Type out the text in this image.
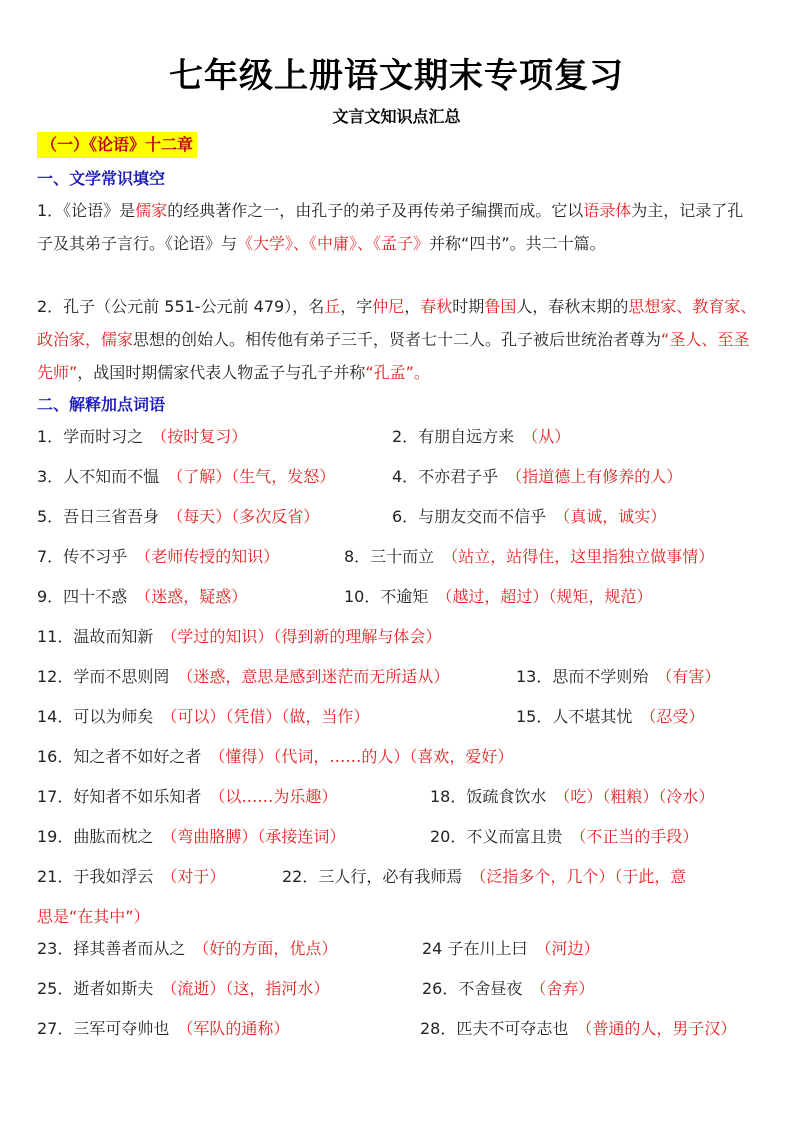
七年级上册语文期末专项复习
文言文知识点汇总
（一）《论语》十二章
一、文学常识填空
1．《论语》是儒家的经典著作之一，由孔子的弟子及再传弟子编撰而成。它以语录体为主，记录了孔子及其弟子言行。《论语》与《大学》、《中庸》、《孟子》并称“四书”。共二十篇。
2．孔子（公元前 551-公元前 479），名丘，字仲尼，春秋时期鲁国人，春秋末期的思想家、教育家、政治家，儒家思想的创始人。相传他有弟子三千，贤者七十二人。孔子被后世统治者尊为“圣人、至圣先师”，战国时期儒家代表人物孟子与孔子并称“孔孟”。
二、解释加点词语
1．学而时习之 （按时复习）	2．有朋自远方来 （从）
3．人不知而不愠 （了解）（生气，发怒）	4．不亦君子乎 （指道德上有修养的人）
5．吾日三省吾身 （每天）（多次反省）	6．与朋友交而不信乎 （真诚，诚实）
7．传不习乎 （老师传授的知识）	8．三十而立 （站立，站得住，这里指独立做事情）
9．四十不惑 （迷惑，疑惑）	10．不逾矩 （越过，超过）（规矩，规范）
11．温故而知新 （学过的知识）（得到新的理解与体会）
12．学而不思则罔 （迷惑，意思是感到迷茫而无所适从）	13．思而不学则殆 （有害）
14．可以为师矣 （可以）（凭借）（做，当作）	15．人不堪其忧 （忍受）
16．知之者不如好之者 （懂得）（代词，……的人）（喜欢，爱好）
17．好知者不如乐知者 （以……为乐趣）	18．饭疏食饮水 （吃）（粗粮）（冷水）
19．曲肱而枕之 （弯曲胳膊）（承接连词）	20．不义而富且贵 （不正当的手段）
21．于我如浮云 （对于）	22．三人行，必有我师焉 （泛指多个，几个）（于此，意
思是“在其中”）
23．择其善者而从之 （好的方面，优点）	24 子在川上曰 （河边）
25．逝者如斯夫 （流逝）（这，指河水）	26．不舍昼夜 （舍弃）
27．三军可夺帅也 （军队的通称）	28．匹夫不可夺志也 （普通的人，男子汉）
